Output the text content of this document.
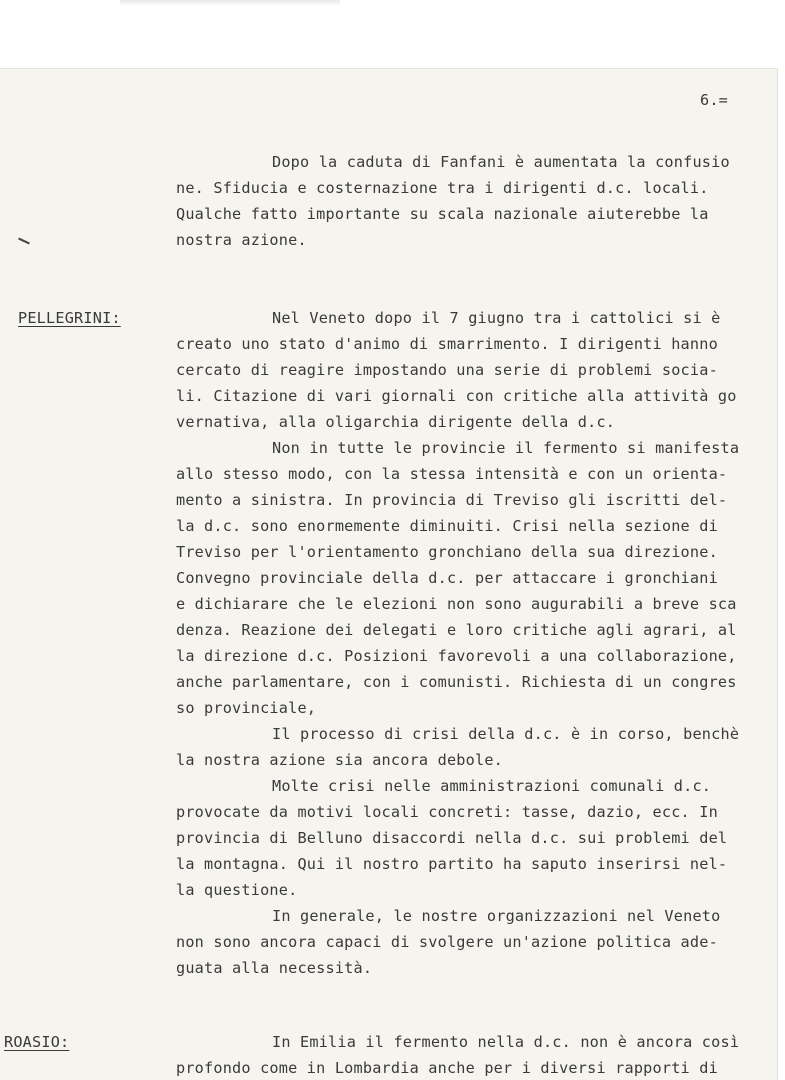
6.=
Dopo la caduta di Fanfani è aumentata la confusio
ne. Sfiducia e costernazione tra i dirigenti d.c. locali.
Qualche fatto importante su scala nazionale aiuterebbe la
nostra azione.
PELLEGRINI:	Nel Veneto dopo il 7 giugno tra i cattolici si è
creato uno stato d'animo di smarrimento. I dirigenti hanno
cercato di reagire impostando una serie di problemi socia-
li. Citazione di vari giornali con critiche alla attività go
vernativa, alla oligarchia dirigente della d.c.
Non in tutte le provincie il fermento si manifesta
allo stesso modo, con la stessa intensità e con un orienta-
mento a sinistra. In provincia di Treviso gli iscritti del-
la d.c. sono enormemente diminuiti. Crisi nella sezione di
Treviso per l'orientamento gronchiano della sua direzione.
Convegno provinciale della d.c. per attaccare i gronchiani
e dichiarare che le elezioni non sono augurabili a breve sca
denza. Reazione dei delegati e loro critiche agli agrari, al
la direzione d.c. Posizioni favorevoli a una collaborazione,
anche parlamentare, con i comunisti. Richiesta di un congres
so provinciale,
Il processo di crisi della d.c. è in corso, benchè
la nostra azione sia ancora debole.
Molte crisi nelle amministrazioni comunali d.c.
provocate da motivi locali concreti: tasse, dazio, ecc. In
provincia di Belluno disaccordi nella d.c. sui problemi del
la montagna. Qui il nostro partito ha saputo inserirsi nel-
la questione.
In generale, le nostre organizzazioni nel Veneto
non sono ancora capaci di svolgere un'azione politica ade-
guata alla necessità.
ROASIO:	In Emilia il fermento nella d.c. non è ancora così
profondo come in Lombardia anche per i diversi rapporti di
